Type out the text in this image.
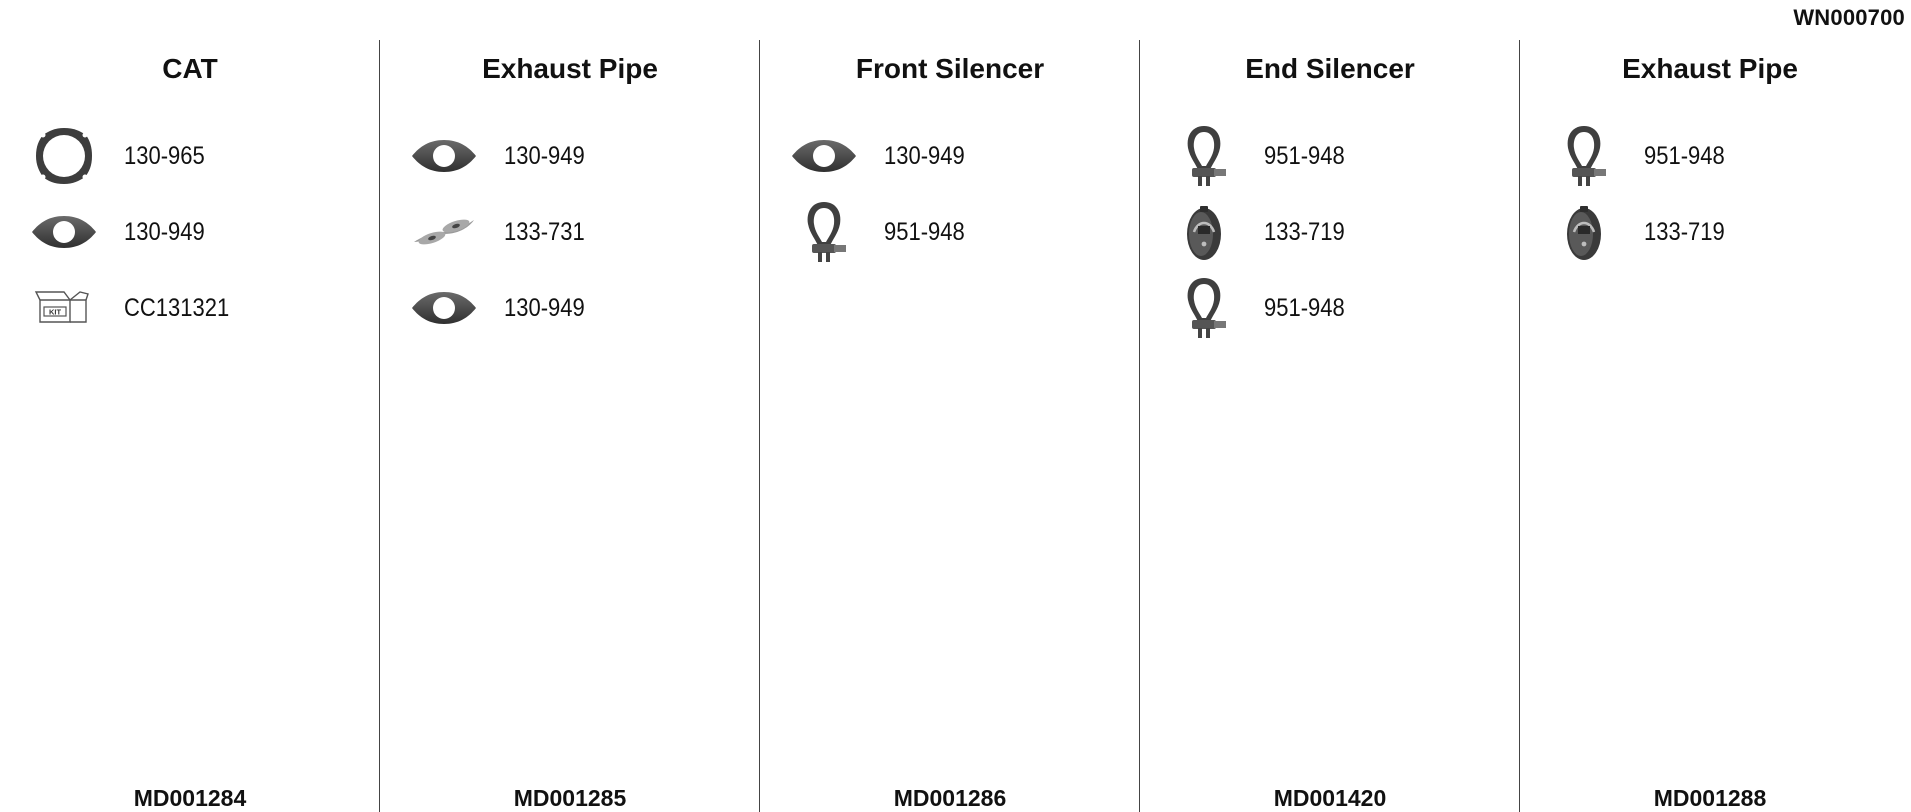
WN000700
CAT
130-965
130-949
KIT	CC131321
MD001284
Exhaust Pipe
130-949
133-731
130-949
MD001285
Front Silencer
130-949
951-948
MD001286
End Silencer
951-948
133-719
951-948
MD001420
Exhaust Pipe
951-948
133-719
MD001288
